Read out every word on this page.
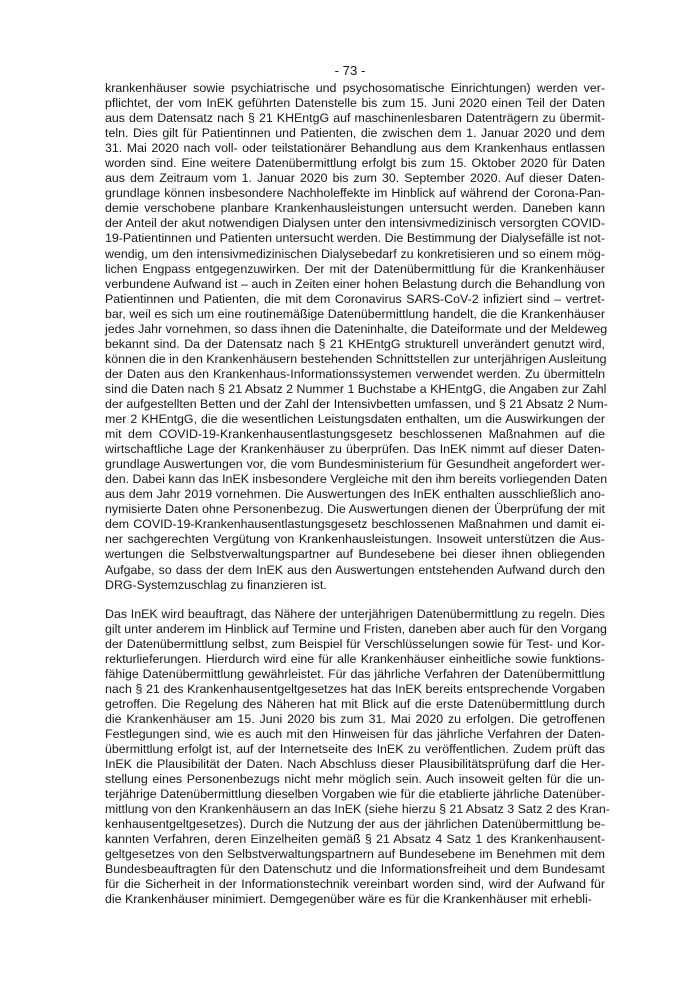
- 73 -

krankenhäuser sowie psychiatrische und psychosomatische Einrichtungen) werden ver-
pflichtet, der vom InEK geführten Datenstelle bis zum 15. Juni 2020 einen Teil der Daten
aus dem Datensatz nach § 21 KHEntgG auf maschinenlesbaren Datenträgern zu übermit-
teln. Dies gilt für Patientinnen und Patienten, die zwischen dem 1. Januar 2020 und dem
31. Mai 2020 nach voll- oder teilstationärer Behandlung aus dem Krankenhaus entlassen
worden sind. Eine weitere Datenübermittlung erfolgt bis zum 15. Oktober 2020 für Daten
aus dem Zeitraum vom 1. Januar 2020 bis zum 30. September 2020. Auf dieser Daten-
grundlage können insbesondere Nachholeffekte im Hinblick auf während der Corona-Pan-
demie verschobene planbare Krankenhausleistungen untersucht werden. Daneben kann
der Anteil der akut notwendigen Dialysen unter den intensivmedizinisch versorgten COVID-
19-Patientinnen und Patienten untersucht werden. Die Bestimmung der Dialysefälle ist not-
wendig, um den intensivmedizinischen Dialysebedarf zu konkretisieren und so einem mög-
lichen Engpass entgegenzuwirken. Der mit der Datenübermittlung für die Krankenhäuser
verbundene Aufwand ist – auch in Zeiten einer hohen Belastung durch die Behandlung von
Patientinnen und Patienten, die mit dem Coronavirus SARS-CoV-2 infiziert sind – vertret-
bar, weil es sich um eine routinemäßige Datenübermittlung handelt, die die Krankenhäuser
jedes Jahr vornehmen, so dass ihnen die Dateninhalte, die Dateiformate und der Meldeweg
bekannt sind. Da der Datensatz nach § 21 KHEntgG strukturell unverändert genutzt wird,
können die in den Krankenhäusern bestehenden Schnittstellen zur unterjährigen Ausleitung
der Daten aus den Krankenhaus-Informationssystemen verwendet werden. Zu übermitteln
sind die Daten nach § 21 Absatz 2 Nummer 1 Buchstabe a KHEntgG, die Angaben zur Zahl
der aufgestellten Betten und der Zahl der Intensivbetten umfassen, und § 21 Absatz 2 Num-
mer 2 KHEntgG, die die wesentlichen Leistungsdaten enthalten, um die Auswirkungen der
mit dem COVID-19-Krankenhausentlastungsgesetz beschlossenen Maßnahmen auf die
wirtschaftliche Lage der Krankenhäuser zu überprüfen. Das InEK nimmt auf dieser Daten-
grundlage Auswertungen vor, die vom Bundesministerium für Gesundheit angefordert wer-
den. Dabei kann das InEK insbesondere Vergleiche mit den ihm bereits vorliegenden Daten
aus dem Jahr 2019 vornehmen. Die Auswertungen des InEK enthalten ausschließlich ano-
nymisierte Daten ohne Personenbezug. Die Auswertungen dienen der Überprüfung der mit
dem COVID-19-Krankenhausentlastungsgesetz beschlossenen Maßnahmen und damit ei-
ner sachgerechten Vergütung von Krankenhausleistungen. Insoweit unterstützen die Aus-
wertungen die Selbstverwaltungspartner auf Bundesebene bei dieser ihnen obliegenden
Aufgabe, so dass der dem InEK aus den Auswertungen entstehenden Aufwand durch den
DRG-Systemzuschlag zu finanzieren ist.

Das InEK wird beauftragt, das Nähere der unterjährigen Datenübermittlung zu regeln. Dies
gilt unter anderem im Hinblick auf Termine und Fristen, daneben aber auch für den Vorgang
der Datenübermittlung selbst, zum Beispiel für Verschlüsselungen sowie für Test- und Kor-
rekturlieferungen. Hierdurch wird eine für alle Krankenhäuser einheitliche sowie funktions-
fähige Datenübermittlung gewährleistet. Für das jährliche Verfahren der Datenübermittlung
nach § 21 des Krankenhausentgeltgesetzes hat das InEK bereits entsprechende Vorgaben
getroffen. Die Regelung des Näheren hat mit Blick auf die erste Datenübermittlung durch
die Krankenhäuser am 15. Juni 2020 bis zum 31. Mai 2020 zu erfolgen. Die getroffenen
Festlegungen sind, wie es auch mit den Hinweisen für das jährliche Verfahren der Daten-
übermittlung erfolgt ist, auf der Internetseite des InEK zu veröffentlichen. Zudem prüft das
InEK die Plausibilität der Daten. Nach Abschluss dieser Plausibilitätsprüfung darf die Her-
stellung eines Personenbezugs nicht mehr möglich sein. Auch insoweit gelten für die un-
terjährige Datenübermittlung dieselben Vorgaben wie für die etablierte jährliche Datenüber-
mittlung von den Krankenhäusern an das InEK (siehe hierzu § 21 Absatz 3 Satz 2 des Kran-
kenhausentgeltgesetzes). Durch die Nutzung der aus der jährlichen Datenübermittlung be-
kannten Verfahren, deren Einzelheiten gemäß § 21 Absatz 4 Satz 1 des Krankenhausent-
geltgesetzes von den Selbstverwaltungspartnern auf Bundesebene im Benehmen mit dem
Bundesbeauftragten für den Datenschutz und die Informationsfreiheit und dem Bundesamt
für die Sicherheit in der Informationstechnik vereinbart worden sind, wird der Aufwand für
die Krankenhäuser minimiert. Demgegenüber wäre es für die Krankenhäuser mit erhebli-
